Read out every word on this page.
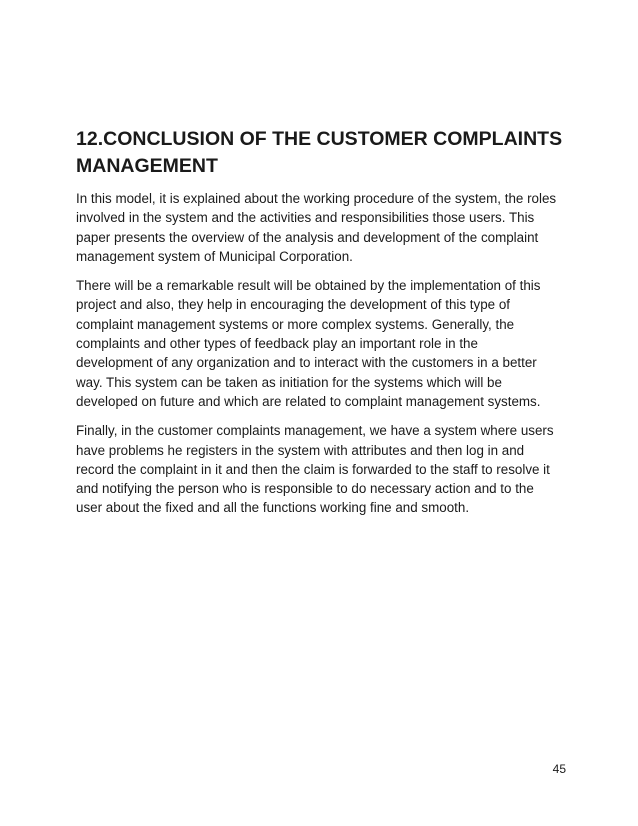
12.CONCLUSION OF THE CUSTOMER COMPLAINTS
MANAGEMENT

In this model, it is explained about the working procedure of the system, the roles
involved in the system and the activities and responsibilities those users. This
paper presents the overview of the analysis and development of the complaint
management system of Municipal Corporation.

There will be a remarkable result will be obtained by the implementation of this
project and also, they help in encouraging the development of this type of
complaint management systems or more complex systems. Generally, the
complaints and other types of feedback play an important role in the
development of any organization and to interact with the customers in a better
way. This system can be taken as initiation for the systems which will be
developed on future and which are related to complaint management systems.

Finally, in the customer complaints management, we have a system where users
have problems he registers in the system with attributes and then log in and
record the complaint in it and then the claim is forwarded to the staff to resolve it
and notifying the person who is responsible to do necessary action and to the
user about the fixed and all the functions working fine and smooth.

45
